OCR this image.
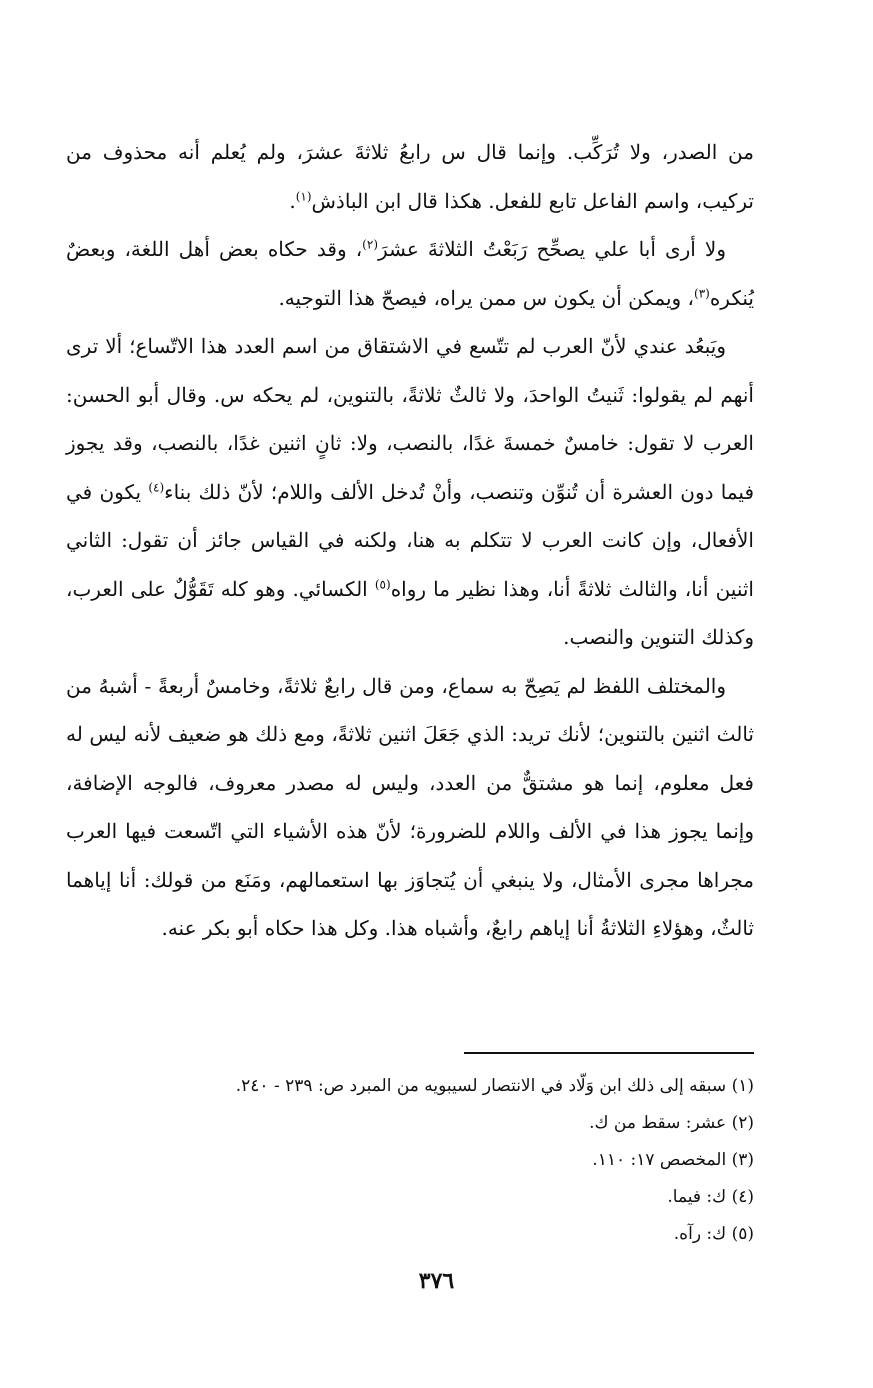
من الصدر، ولا تُرَكِّب. وإنما قال س رابعُ ثلاثةَ عشرَ، ولم يُعلم أنه محذوف من تركيب، واسم الفاعل تابع للفعل. هكذا قال ابن الباذش$^{(١)}$.

ولا أرى أبا علي يصحِّح رَبَعْتُ الثلاثةَ عشرَ$^{(٢)}$، وقد حكاه بعض أهل اللغة، وبعضٌ يُنكره$^{(٣)}$، ويمكن أن يكون س ممن يراه، فيصحّ هذا التوجيه.

ويَبعُد عندي لأنّ العرب لم تتّسع في الاشتقاق من اسم العدد هذا الاتّساع؛ ألا ترى أنهم لم يقولوا: ثَنيتُ الواحدَ، ولا ثالثٌ ثلاثةً، بالتنوين، لم يحكه س. وقال أبو الحسن: العرب لا تقول: خامسٌ خمسةَ غدًا، بالنصب، ولا: ثانٍ اثنين غدًا، بالنصب، وقد يجوز فيما دون العشرة أن تُنوِّن وتنصب، وأنْ تُدخل الألف واللام؛ لأنّ ذلك بناء$^{(٤)}$ يكون في الأفعال، وإن كانت العرب لا تتكلم به هنا، ولكنه في القياس جائز أن تقول: الثاني اثنين أنا، والثالث ثلاثةً أنا، وهذا نظير ما رواه$^{(٥)}$ الكسائي. وهو كله تَقَوُّلٌ على العرب، وكذلك التنوين والنصب.

والمختلف اللفظ لم يَصِحّ به سماع، ومن قال رابعٌ ثلاثةً، وخامسٌ أربعةً - أشبهُ من ثالث اثنين بالتنوين؛ لأنك تريد: الذي جَعَلَ اثنين ثلاثةً، ومع ذلك هو ضعيف لأنه ليس له فعل معلوم، إنما هو مشتقٌّ من العدد، وليس له مصدر معروف، فالوجه الإضافة، وإنما يجوز هذا في الألف واللام للضرورة؛ لأنّ هذه الأشياء التي اتّسعت فيها العرب مجراها مجرى الأمثال، ولا ينبغي أن يُتجاوَز بها استعمالهم، ومَنَع من قولك: أنا إياهما ثالثٌ، وهؤلاءِ الثلاثةُ أنا إياهم رابعٌ، وأشباه هذا. وكل هذا حكاه أبو بكر عنه.

(١) سبقه إلى ذلك ابن وَلّاد في الانتصار لسيبويه من المبرد ص: ٢٣٩ - ٢٤٠.

(٢) عشر: سقط من ك.

(٣) المخصص ١٧: ١١٠.

(٤) ك: فيما.

(٥) ك: رآه.

٣٧٦
